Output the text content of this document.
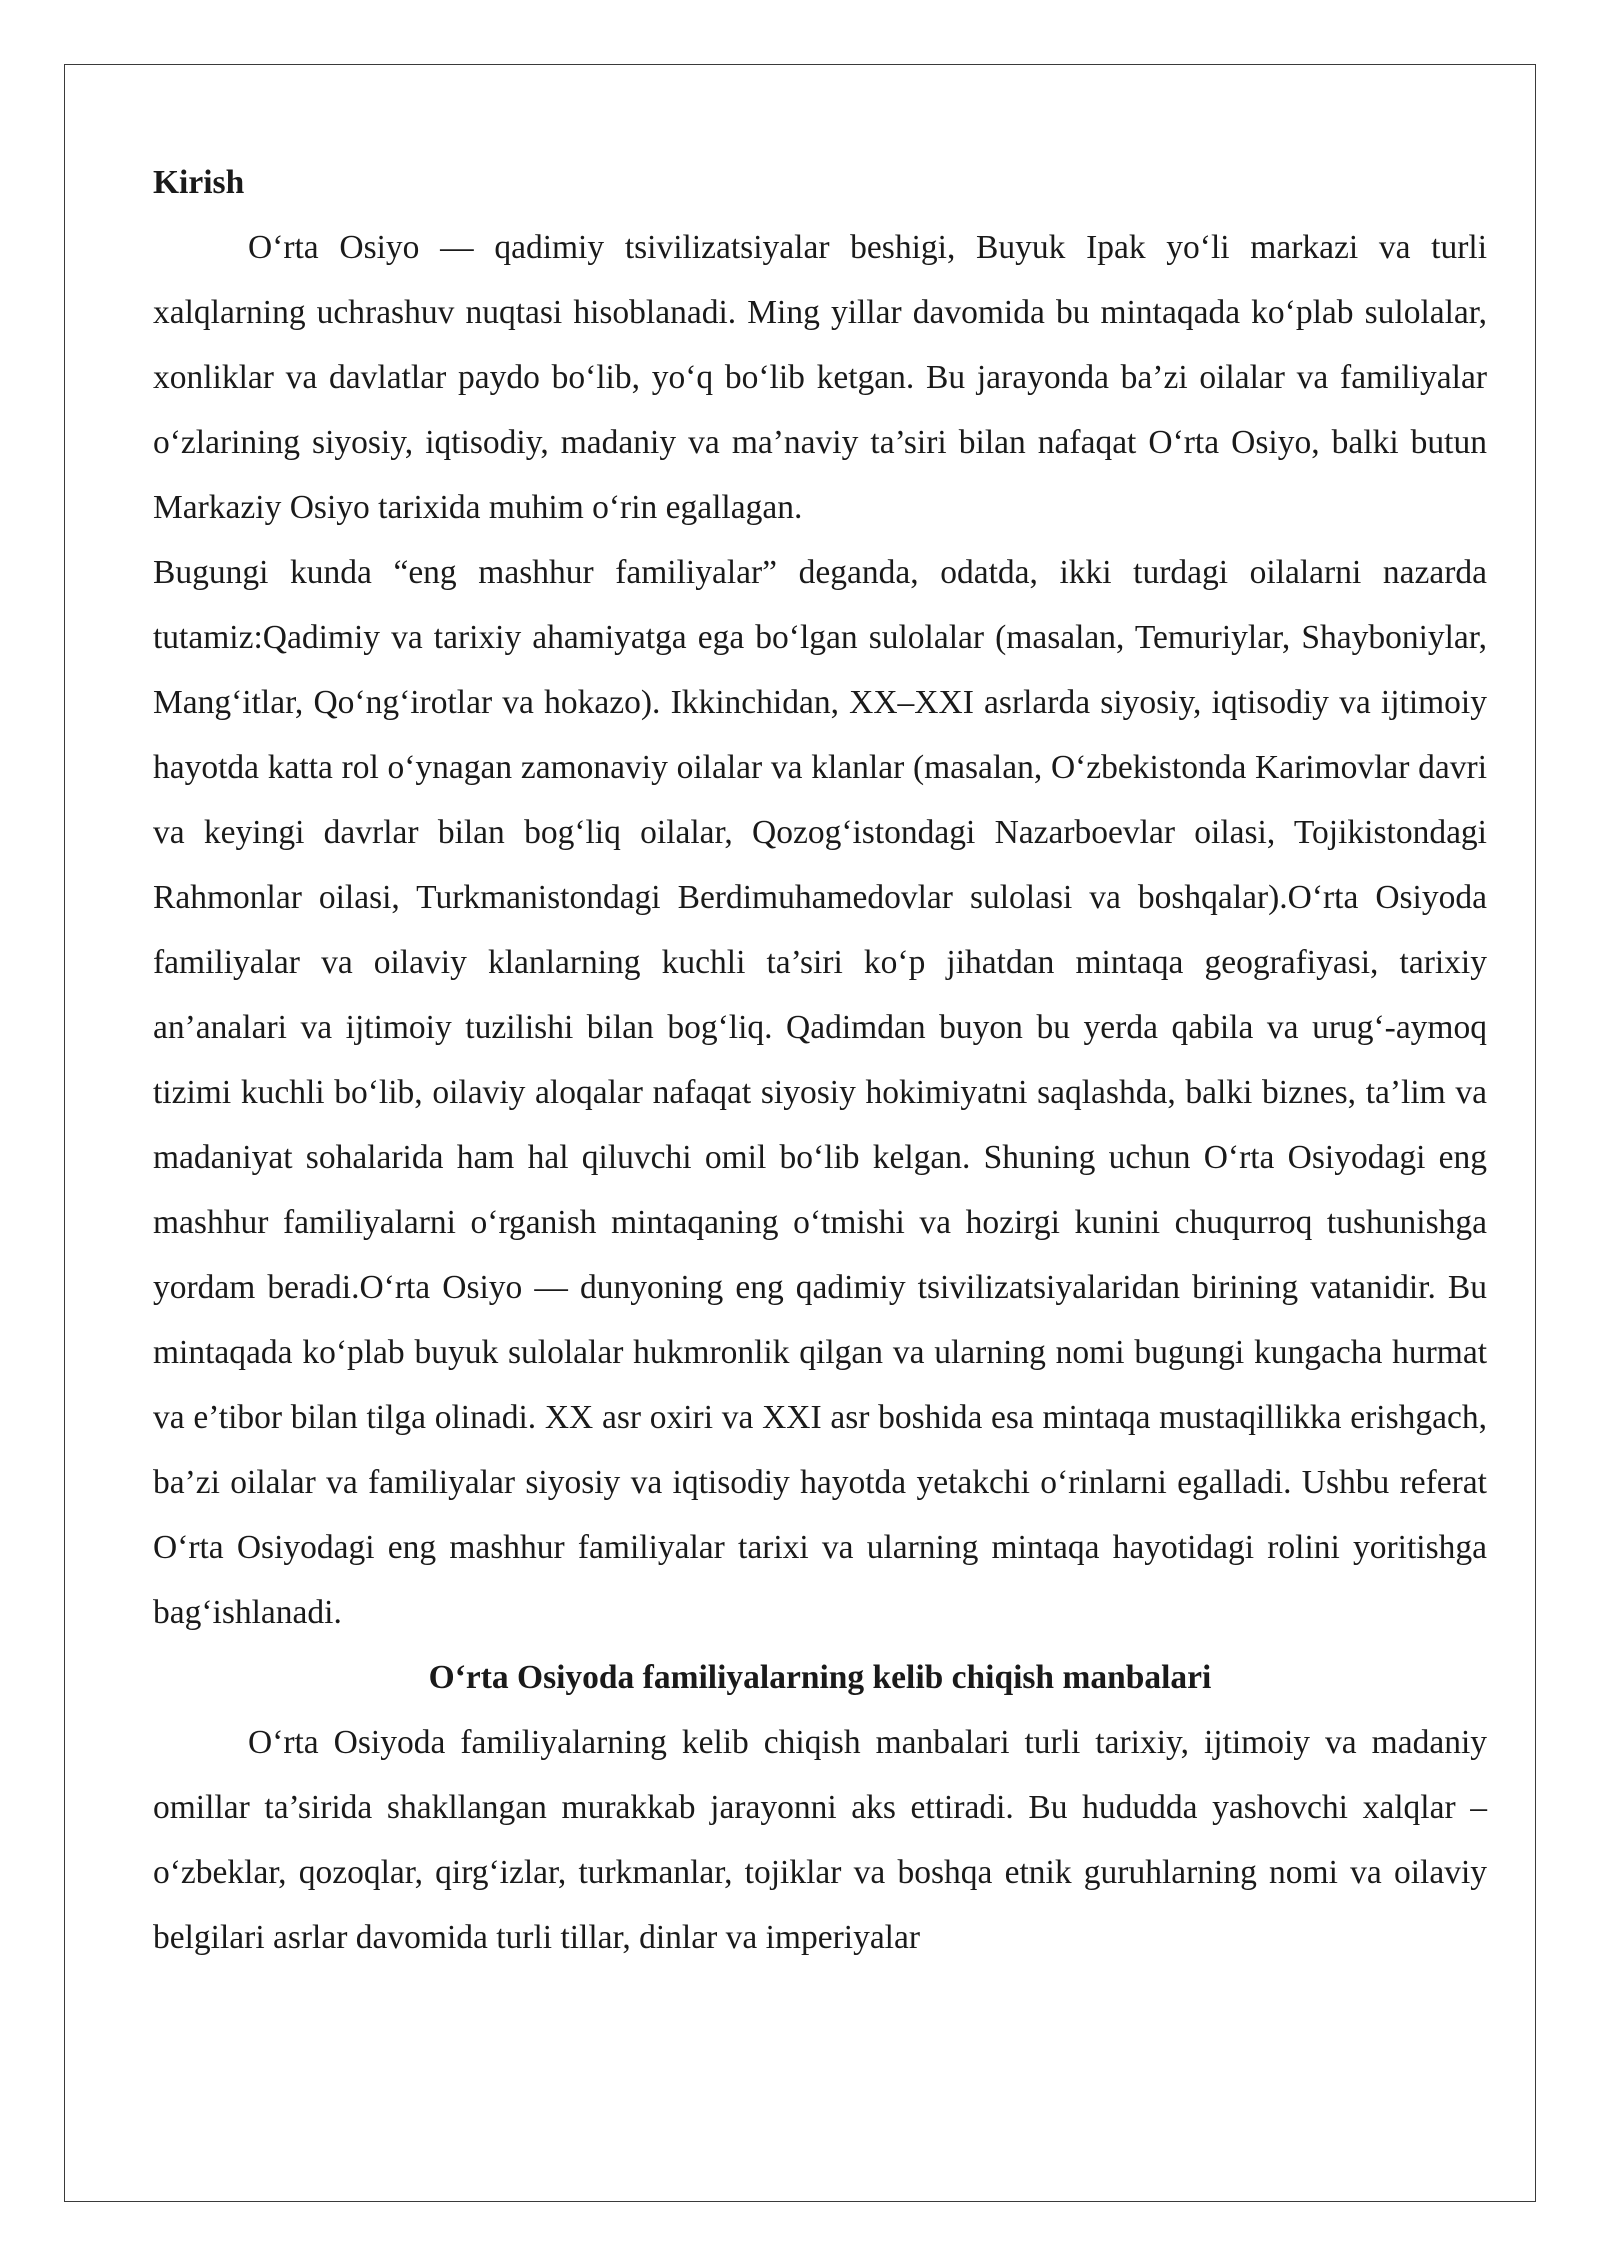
Kirish

O‘rta Osiyo — qadimiy tsivilizatsiyalar beshigi, Buyuk Ipak yo‘li markazi va turli xalqlarning uchrashuv nuqtasi hisoblanadi. Ming yillar davomida bu mintaqada ko‘plab sulolalar, xonliklar va davlatlar paydo bo‘lib, yo‘q bo‘lib ketgan. Bu jarayonda ba’zi oilalar va familiyalar o‘zlarining siyosiy, iqtisodiy, madaniy va ma’naviy ta’siri bilan nafaqat O‘rta Osiyo, balki butun Markaziy Osiyo tarixida muhim o‘rin egallagan.

Bugungi kunda “eng mashhur familiyalar” deganda, odatda, ikki turdagi oilalarni nazarda tutamiz:Qadimiy va tarixiy ahamiyatga ega bo‘lgan sulolalar (masalan, Temuriylar, Shayboniylar, Mang‘itlar, Qo‘ng‘irotlar va hokazo). Ikkinchidan, XX–XXI asrlarda siyosiy, iqtisodiy va ijtimoiy hayotda katta rol o‘ynagan zamonaviy oilalar va klanlar (masalan, O‘zbekistonda Karimovlar davri va keyingi davrlar bilan bog‘liq oilalar, Qozog‘istondagi Nazarboevlar oilasi, Tojikistondagi Rahmonlar oilasi, Turkmanistondagi Berdimuhamedovlar sulolasi va boshqalar).O‘rta Osiyoda familiyalar va oilaviy klanlarning kuchli ta’siri ko‘p jihatdan mintaqa geografiyasi, tarixiy an’analari va ijtimoiy tuzilishi bilan bog‘liq. Qadimdan buyon bu yerda qabila va urug‘-aymoq tizimi kuchli bo‘lib, oilaviy aloqalar nafaqat siyosiy hokimiyatni saqlashda, balki biznes, ta’lim va madaniyat sohalarida ham hal qiluvchi omil bo‘lib kelgan. Shuning uchun O‘rta Osiyodagi eng mashhur familiyalarni o‘rganish mintaqaning o‘tmishi va hozirgi kunini chuqurroq tushunishga yordam beradi.O‘rta Osiyo — dunyoning eng qadimiy tsivilizatsiyalaridan birining vatanidir. Bu mintaqada ko‘plab buyuk sulolalar hukmronlik qilgan va ularning nomi bugungi kungacha hurmat va e’tibor bilan tilga olinadi. XX asr oxiri va XXI asr boshida esa mintaqa mustaqillikka erishgach, ba’zi oilalar va familiyalar siyosiy va iqtisodiy hayotda yetakchi o‘rinlarni egalladi. Ushbu referat O‘rta Osiyodagi eng mashhur familiyalar tarixi va ularning mintaqa hayotidagi rolini yoritishga bag‘ishlanadi.

O‘rta Osiyoda familiyalarning kelib chiqish manbalari

O‘rta Osiyoda familiyalarning kelib chiqish manbalari turli tarixiy, ijtimoiy va madaniy omillar ta’sirida shakllangan murakkab jarayonni aks ettiradi. Bu hududda yashovchi xalqlar – o‘zbeklar, qozoqlar, qirg‘izlar, turkmanlar, tojiklar va boshqa etnik guruhlarning nomi va oilaviy belgilari asrlar davomida turli tillar, dinlar va imperiyalar
